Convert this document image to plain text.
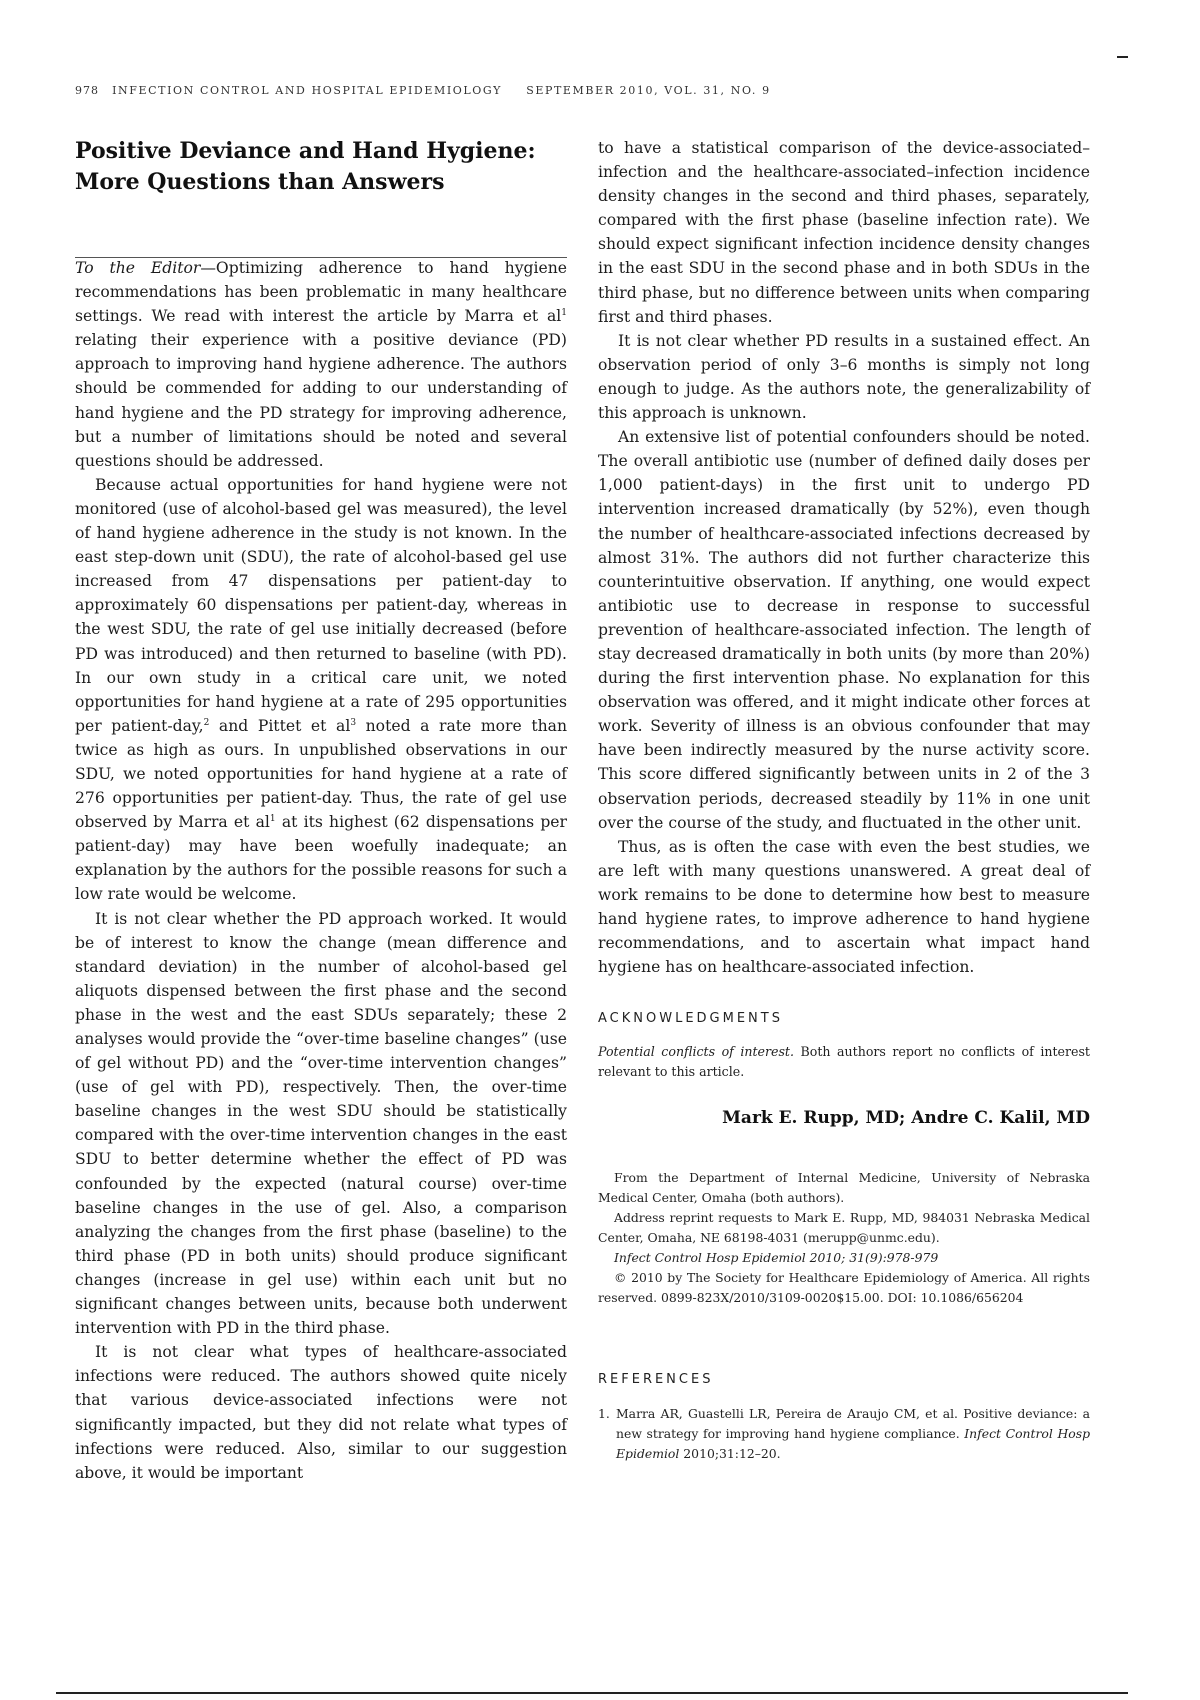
978 INFECTION CONTROL AND HOSPITAL EPIDEMIOLOGY SEPTEMBER 2010, VOL. 31, NO. 9
Positive Deviance and Hand Hygiene:
More Questions than Answers

To the Editor—Optimizing adherence to hand hygiene recommendations has been problematic in many healthcare settings. We read with interest the article by Marra et $al^1$ relating their experience with a positive deviance (PD) approach to improving hand hygiene adherence. The authors should be commended for adding to our understanding of hand hygiene and the PD strategy for improving adherence, but a number of limitations should be noted and several questions should be addressed.

Because actual opportunities for hand hygiene were not monitored (use of alcohol-based gel was measured), the level of hand hygiene adherence in the study is not known. In the east step-down unit (SDU), the rate of alcohol-based gel use increased from 47 dispensations per patient-day to approximately 60 dispensations per patient-day, whereas in the west SDU, the rate of gel use initially decreased (before PD was introduced) and then returned to baseline (with PD). In our own study in a critical care unit, we noted opportunities for hand hygiene at a rate of 295 opportunities per patient-day,$^2$ and Pittet et $al^3$ noted a rate more than twice as high as ours. In unpublished observations in our SDU, we noted opportunities for hand hygiene at a rate of 276 opportunities per patient-day. Thus, the rate of gel use observed by Marra et $al^1$ at its highest (62 dispensations per patient-day) may have been woefully inadequate; an explanation by the authors for the possible reasons for such a low rate would be welcome.

It is not clear whether the PD approach worked. It would be of interest to know the change (mean difference and standard deviation) in the number of alcohol-based gel aliquots dispensed between the first phase and the second phase in the west and the east SDUs separately; these 2 analyses would provide the “over-time baseline changes” (use of gel without PD) and the “over-time intervention changes” (use of gel with PD), respectively. Then, the over-time baseline changes in the west SDU should be statistically compared with the over-time intervention changes in the east SDU to better determine whether the effect of PD was confounded by the expected (natural course) over-time baseline changes in the use of gel. Also, a comparison analyzing the changes from the first phase (baseline) to the third phase (PD in both units) should produce significant changes (increase in gel use) within each unit but no significant changes between units, because both underwent intervention with PD in the third phase.

It is not clear what types of healthcare-associated infections were reduced. The authors showed quite nicely that various device-associated infections were not significantly impacted, but they did not relate what types of infections were reduced. Also, similar to our suggestion above, it would be important

to have a statistical comparison of the device-associated–infection and the healthcare-associated–infection incidence density changes in the second and third phases, separately, compared with the first phase (baseline infection rate). We should expect significant infection incidence density changes in the east SDU in the second phase and in both SDUs in the third phase, but no difference between units when comparing first and third phases.

It is not clear whether PD results in a sustained effect. An observation period of only 3–6 months is simply not long enough to judge. As the authors note, the generalizability of this approach is unknown.

An extensive list of potential confounders should be noted. The overall antibiotic use (number of defined daily doses per 1,000 patient-days) in the first unit to undergo PD intervention increased dramatically (by 52%), even though the number of healthcare-associated infections decreased by almost 31%. The authors did not further characterize this counterintuitive observation. If anything, one would expect antibiotic use to decrease in response to successful prevention of healthcare-associated infection. The length of stay decreased dramatically in both units (by more than 20%) during the first intervention phase. No explanation for this observation was offered, and it might indicate other forces at work. Severity of illness is an obvious confounder that may have been indirectly measured by the nurse activity score. This score differed significantly between units in 2 of the 3 observation periods, decreased steadily by 11% in one unit over the course of the study, and fluctuated in the other unit.

Thus, as is often the case with even the best studies, we are left with many questions unanswered. A great deal of work remains to be done to determine how best to measure hand hygiene rates, to improve adherence to hand hygiene recommendations, and to ascertain what impact hand hygiene has on healthcare-associated infection.

ACKNOWLEDGMENTS

Potential conflicts of interest. Both authors report no conflicts of interest relevant to this article.

Mark E. Rupp, MD; Andre C. Kalil, MD

From the Department of Internal Medicine, University of Nebraska Medical Center, Omaha (both authors).

Address reprint requests to Mark E. Rupp, MD, 984031 Nebraska Medical Center, Omaha, NE 68198-4031 (merupp@unmc.edu).

Infect Control Hosp Epidemiol 2010; 31(9):978-979

© 2010 by The Society for Healthcare Epidemiology of America. All rights reserved. 0899-823X/2010/3109-0020$15.00. DOI: 10.1086/656204

REFERENCES
1. Marra AR, Guastelli LR, Pereira de Araujo CM, et al. Positive deviance: a new strategy for improving hand hygiene compliance. Infect Control Hosp Epidemiol 2010;31:12–20.
